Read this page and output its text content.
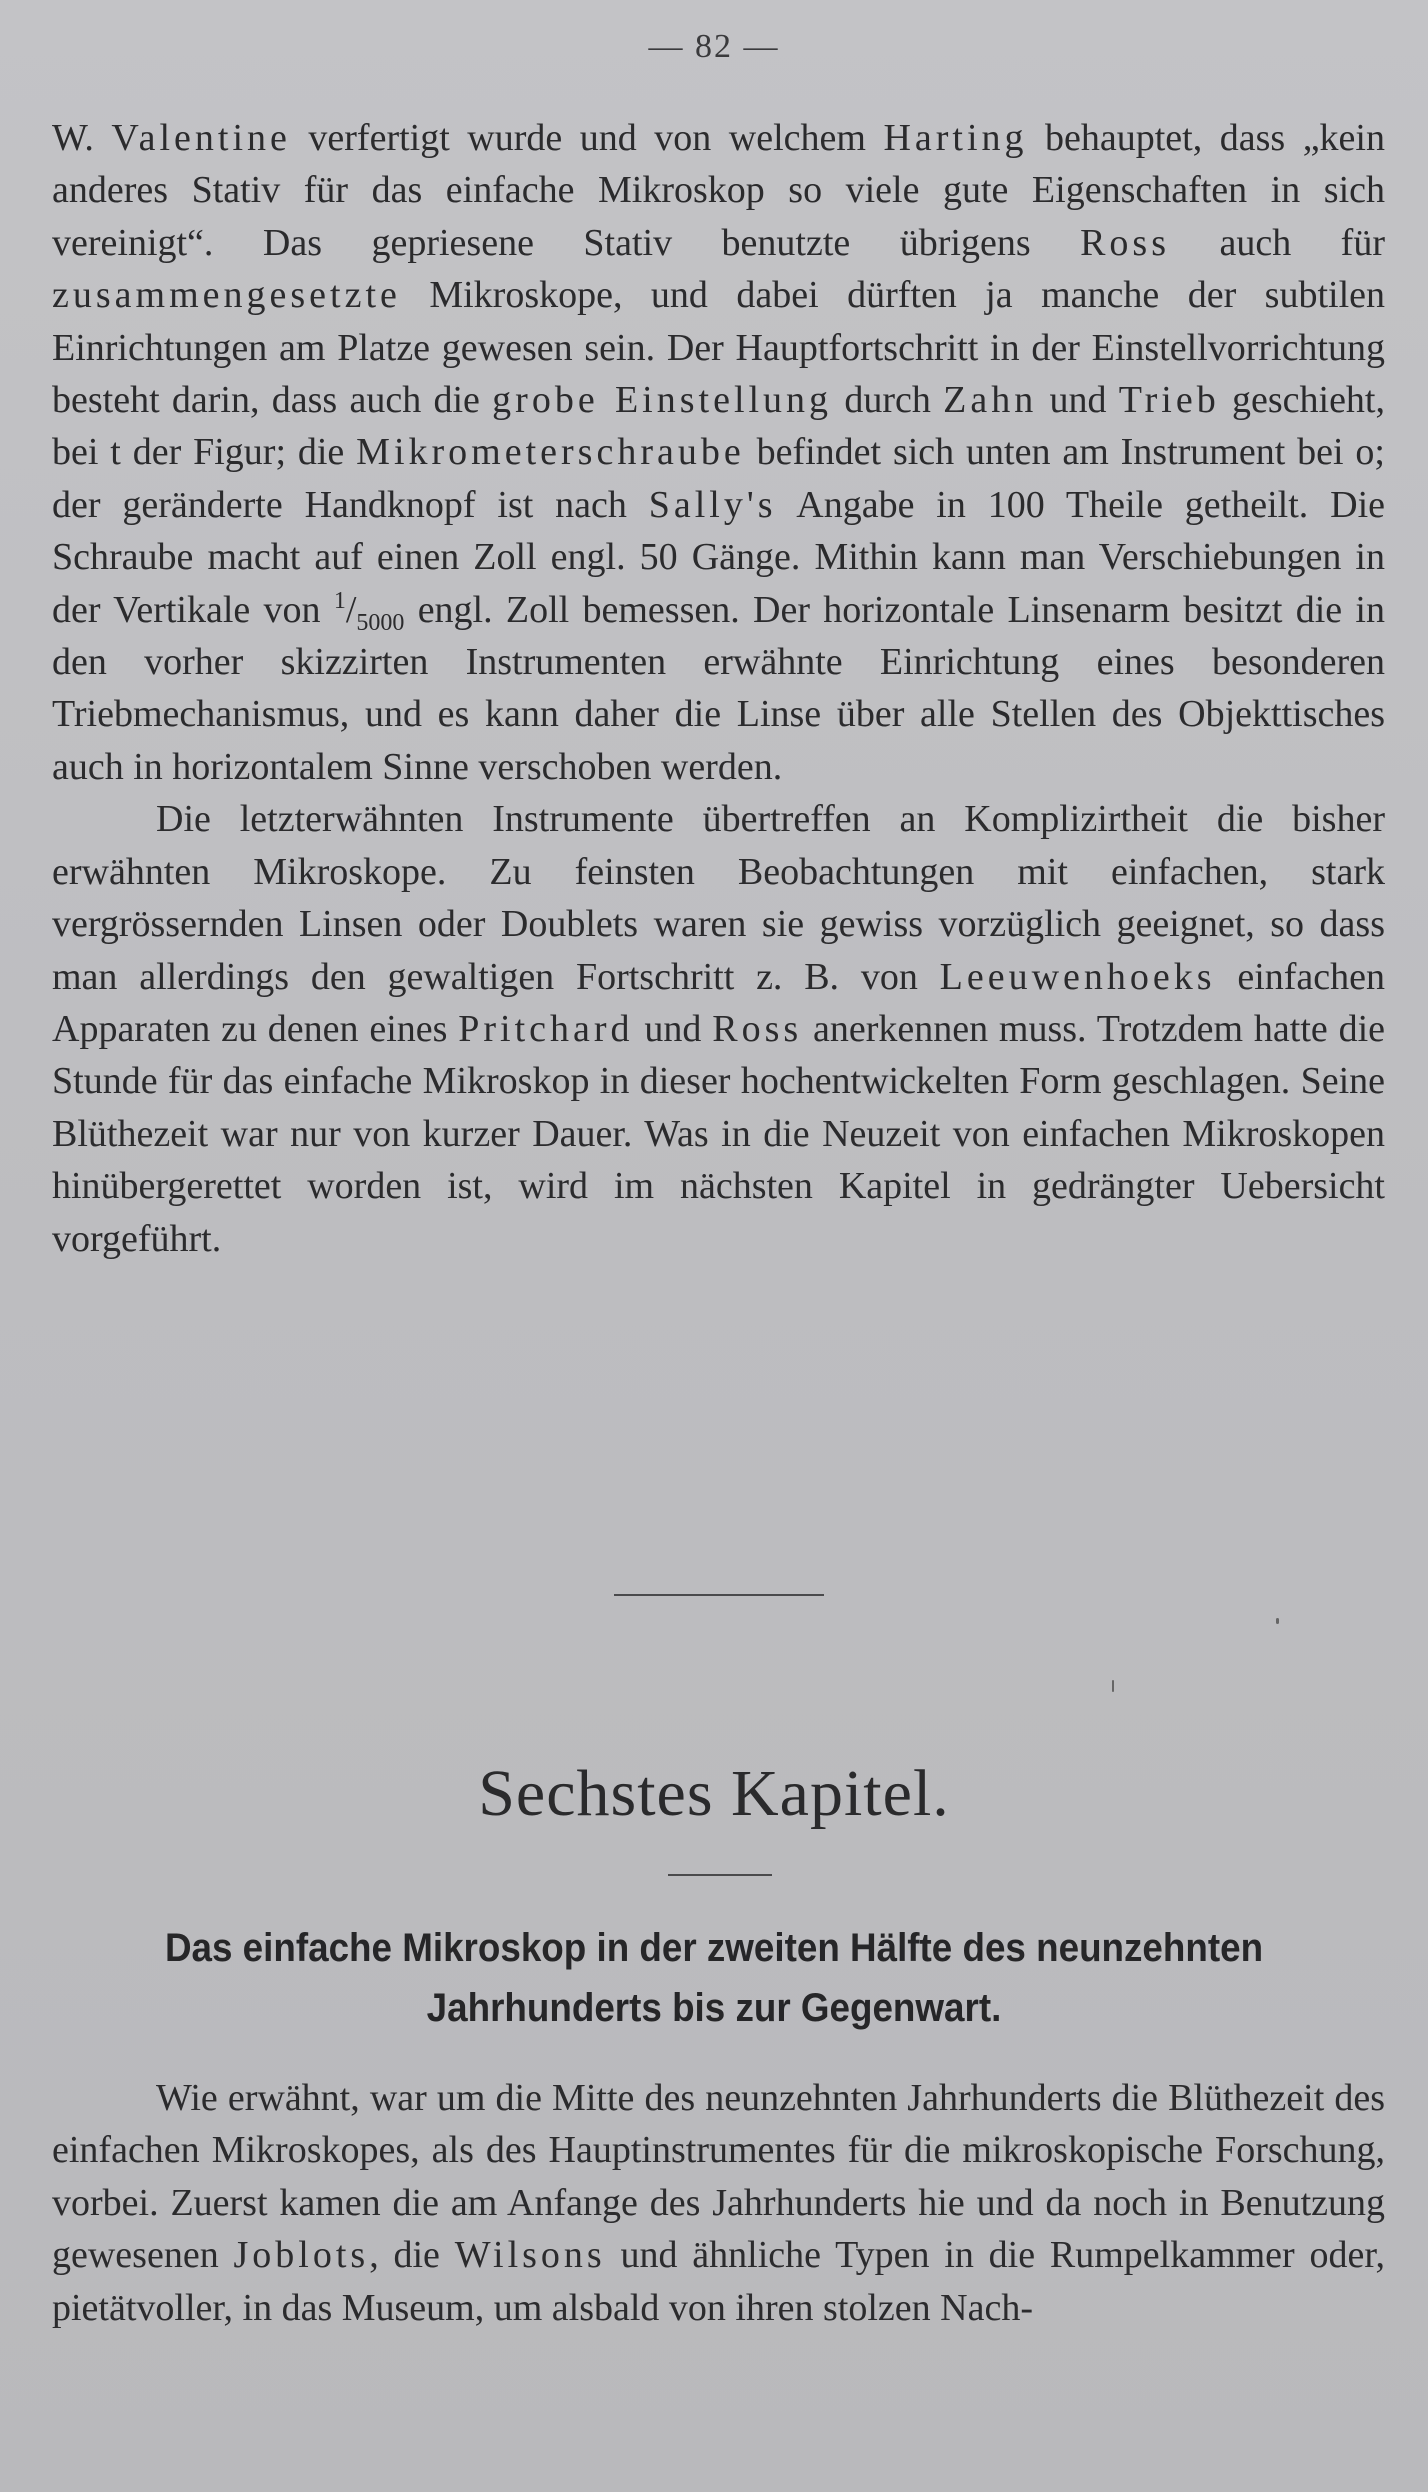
— 82 —

W. Valentine verfertigt wurde und von welchem Harting behauptet, dass „kein anderes Stativ für das einfache Mikroskop so viele gute Eigenschaften in sich vereinigt“. Das gepriesene Stativ benutzte übrigens Ross auch für zusammengesetzte Mikroskope, und dabei dürften ja manche der subtilen Einrichtungen am Platze gewesen sein. Der Hauptfortschritt in der Einstellvorrichtung besteht darin, dass auch die grobe Einstellung durch Zahn und Trieb geschieht, bei t der Figur; die Mikrometerschraube befindet sich unten am Instrument bei o; der geränderte Handknopf ist nach Sally's Angabe in 100 Theile getheilt. Die Schraube macht auf einen Zoll engl. 50 Gänge. Mithin kann man Verschiebungen in der Vertikale von $^1/_{5000}$ engl. Zoll bemessen. Der horizontale Linsenarm besitzt die in den vorher skizzirten Instrumenten erwähnte Einrichtung eines besonderen Triebmechanismus, und es kann daher die Linse über alle Stellen des Objekttisches auch in horizontalem Sinne verschoben werden.

Die letzterwähnten Instrumente übertreffen an Komplizirtheit die bisher erwähnten Mikroskope. Zu feinsten Beobachtungen mit einfachen, stark vergrössernden Linsen oder Doublets waren sie gewiss vorzüglich geeignet, so dass man allerdings den gewaltigen Fortschritt z. B. von Leeuwenhoeks einfachen Apparaten zu denen eines Pritchard und Ross anerkennen muss. Trotzdem hatte die Stunde für das einfache Mikroskop in dieser hochentwickelten Form geschlagen. Seine Blüthezeit war nur von kurzer Dauer. Was in die Neuzeit von einfachen Mikroskopen hinübergerettet worden ist, wird im nächsten Kapitel in gedrängter Uebersicht vorgeführt.

Sechstes Kapitel.
Das einfache Mikroskop in der zweiten Hälfte des neunzehnten
Jahrhunderts bis zur Gegenwart.

Wie erwähnt, war um die Mitte des neunzehnten Jahrhunderts die Blüthezeit des einfachen Mikroskopes, als des Hauptinstrumentes für die mikroskopische Forschung, vorbei. Zuerst kamen die am Anfange des Jahrhunderts hie und da noch in Benutzung gewesenen Joblots, die Wilsons und ähnliche Typen in die Rumpelkammer oder, pietätvoller, in das Museum, um alsbald von ihren stolzen Nach-
